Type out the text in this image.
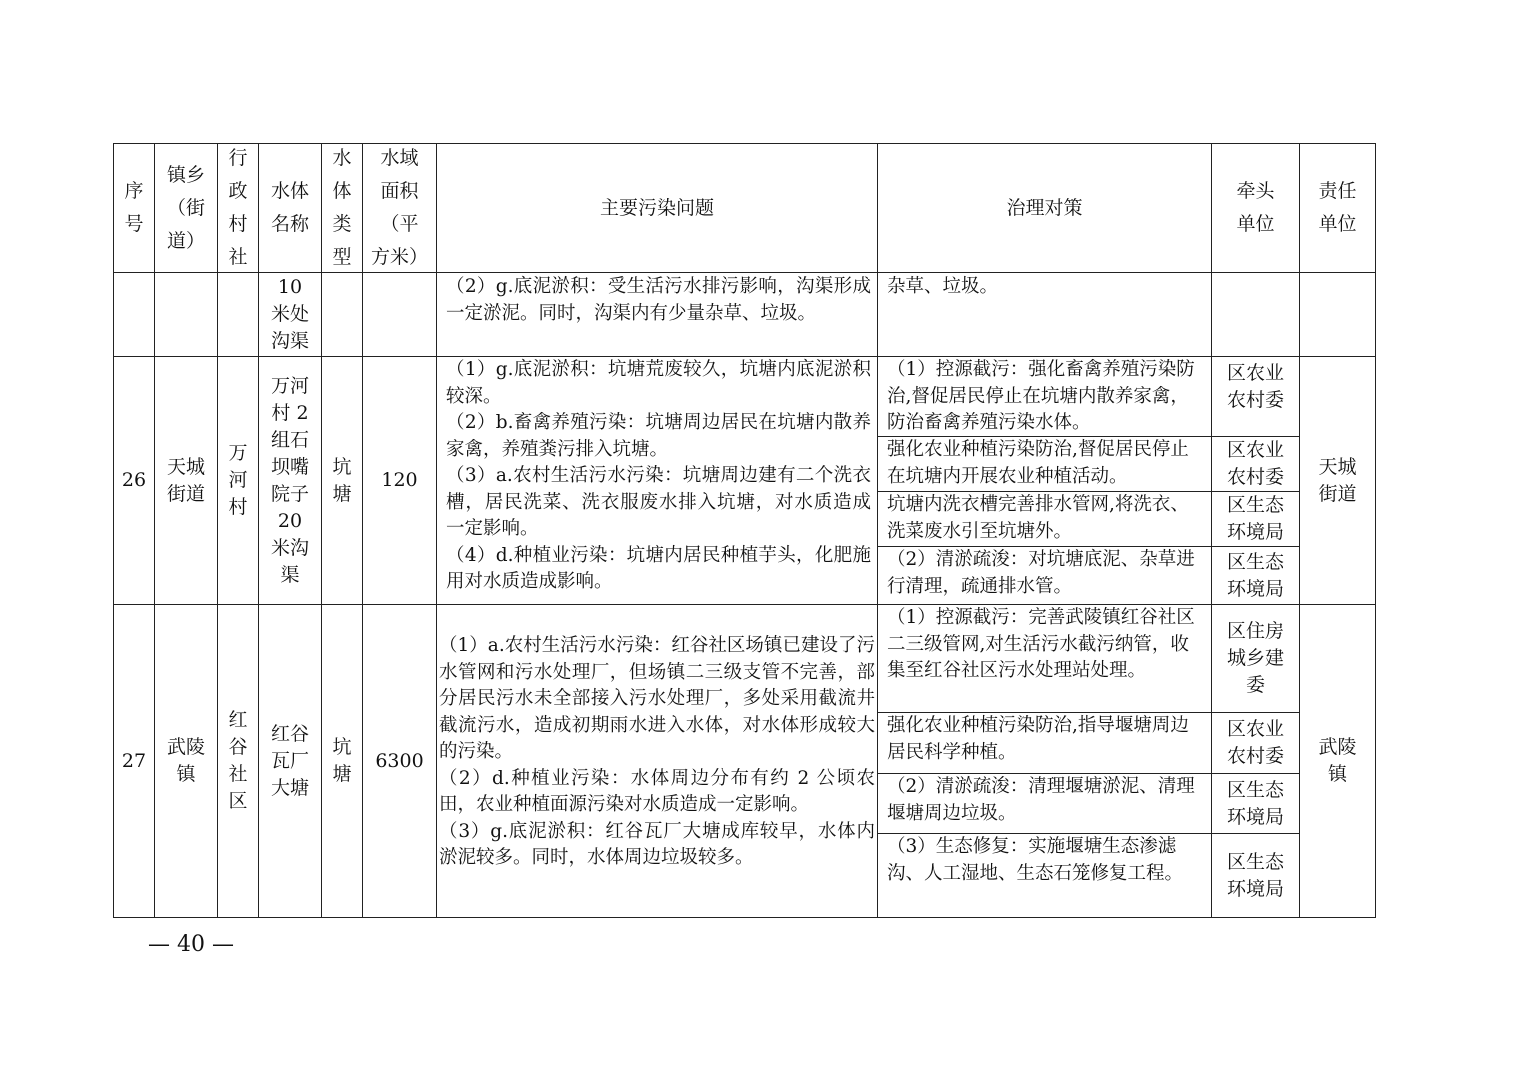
序
号
镇乡
（街
道）
行
政
村
社
水体
名称
水
体
类
型
水域
面积
（平
方米）
主要污染问题	治理对策
牵头
单位
责任
单位
10
米处
沟渠

（2）g.底泥淤积：受生活污水排污影响，沟渠形成一定淤泥。同时，沟渠内有少量杂草、垃圾。

杂草、垃圾。

26
天城
街道
万
河
村
万河
村 2
组石
坝嘴
院子
20
米沟
渠
坑
塘
120

（1）g.底泥淤积：坑塘荒废较久，坑塘内底泥淤积较深。

（2）b.畜禽养殖污染：坑塘周边居民在坑塘内散养家禽，养殖粪污排入坑塘。

（3）a.农村生活污水污染：坑塘周边建有二个洗衣槽，居民洗菜、洗衣服废水排入坑塘，对水质造成一定影响。

（4）d.种植业污染：坑塘内居民种植芋头，化肥施用对水质造成影响。

（1）控源截污：强化畜禽养殖污染防治,督促居民停止在坑塘内散养家禽，防治畜禽养殖污染水体。

强化农业种植污染防治,督促居民停止在坑塘内开展农业种植活动。

坑塘内洗衣槽完善排水管网,将洗衣、洗菜废水引至坑塘外。

（2）清淤疏浚：对坑塘底泥、杂草进行清理，疏通排水管。

区农业
农村委
区农业
农村委
区生态
环境局
区生态
环境局
天城
街道
27
武陵
镇
红
谷
社
区
红谷
瓦厂
大塘
坑
塘
6300

（1）a.农村生活污水污染：红谷社区场镇已建设了污水管网和污水处理厂，但场镇二三级支管不完善，部分居民污水未全部接入污水处理厂，多处采用截流井截流污水，造成初期雨水进入水体，对水体形成较大的污染。

（2）d.种植业污染：水体周边分布有约 2 公顷农田，农业种植面源污染对水质造成一定影响。

（3）g.底泥淤积：红谷瓦厂大塘成库较早，水体内淤泥较多。同时，水体周边垃圾较多。

（1）控源截污：完善武陵镇红谷社区二三级管网,对生活污水截污纳管，收集至红谷社区污水处理站处理。

强化农业种植污染防治,指导堰塘周边居民科学种植。

（2）清淤疏浚：清理堰塘淤泥、清理堰塘周边垃圾。

（3）生态修复：实施堰塘生态渗滤沟、人工湿地、生态石笼修复工程。

区住房
城乡建
委
区农业
农村委
区生态
环境局
区生态
环境局
武陵
镇
— 40 —
